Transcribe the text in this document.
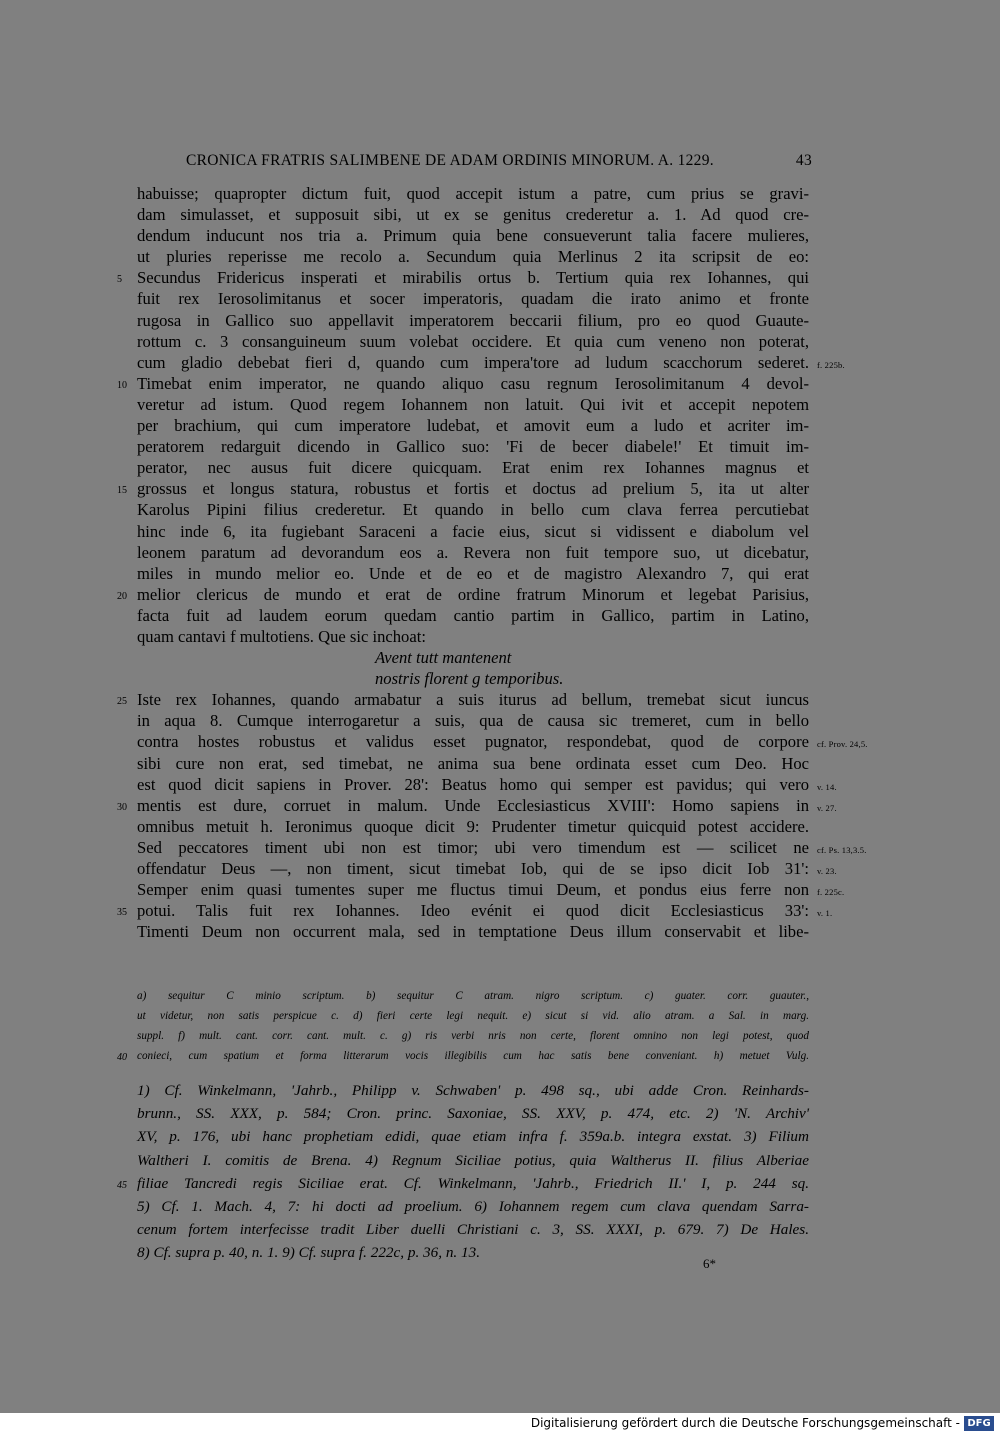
CRONICA FRATRIS SALIMBENE DE ADAM ORDINIS MINORUM. A. 1229.	43
habuisse; quapropter dictum fuit, quod accepit istum a patre, cum prius se gravi-
dam simulasset, et supposuit sibi, ut ex se genitus crederetur a. 1. Ad quod cre-
dendum inducunt nos tria a. Primum quia bene consueverunt talia facere mulieres,
ut pluries reperisse me recolo a. Secundum quia Merlinus 2 ita scripsit de eo:
Secundus Fridericus insperati et mirabilis ortus b. Tertium quia rex Iohannes, qui
5
fuit rex Ierosolimitanus et socer imperatoris, quadam die irato animo et fronte
rugosa in Gallico suo appellavit imperatorem beccarii filium, pro eo quod Guaute-
rottum c. 3 consanguineum suum volebat occidere. Et quia cum veneno non poterat,
cum gladio debebat fieri d, quando cum impera'tore ad ludum scacchorum sederet. f. 225b.
Timebat enim imperator, ne quando aliquo casu regnum Ierosolimitanum 4 devol-
10
veretur ad istum. Quod regem Iohannem non latuit. Qui ivit et accepit nepotem
per brachium, qui cum imperatore ludebat, et amovit eum a ludo et acriter im-
peratorem redarguit dicendo in Gallico suo: 'Fi de becer diabele!' Et timuit im-
perator, nec ausus fuit dicere quicquam. Erat enim rex Iohannes magnus et
grossus et longus statura, robustus et fortis et doctus ad prelium 5, ita ut alter
15
Karolus Pipini filius crederetur. Et quando in bello cum clava ferrea percutiebat
hinc inde 6, ita fugiebant Saraceni a facie eius, sicut si vidissent e diabolum vel
leonem paratum ad devorandum eos a. Revera non fuit tempore suo, ut dicebatur,
miles in mundo melior eo. Unde et de eo et de magistro Alexandro 7, qui erat
melior clericus de mundo et erat de ordine fratrum Minorum et legebat Parisius,
20
facta fuit ad laudem eorum quedam cantio partim in Gallico, partim in Latino,
quam cantavi f multotiens. Que sic inchoat:
Avent tutt mantenent
nostris florent g temporibus.
Iste rex Iohannes, quando armabatur a suis iturus ad bellum, tremebat sicut iuncus
25
in aqua 8. Cumque interrogaretur a suis, qua de causa sic tremeret, cum in bello
contra hostes robustus et validus esset pugnator, respondebat, quod de corpore cf. Prov. 24,5.
sibi cure non erat, sed timebat, ne anima sua bene ordinata esset cum Deo. Hoc
est quod dicit sapiens in Prover. 28': Beatus homo qui semper est pavidus; qui vero v. 14.
mentis est dure, corruet in malum. Unde Ecclesiasticus XVIII': Homo sapiens in
30	v. 27.
omnibus metuit h. Ieronimus quoque dicit 9: Prudenter timetur quicquid potest accidere.
Sed peccatores timent ubi non est timor; ubi vero timendum est — scilicet ne cf. Ps. 13,3.5.
offendatur Deus —, non timent, sicut timebat Iob, qui de se ipso dicit Iob 31': v. 23.
Semper enim quasi tumentes super me fluctus timui Deum, et pondus eius ferre non f. 225c.
potui. Talis fuit rex Iohannes. Ideo evénit ei quod dicit Ecclesiasticus 33':
35	v. 1.
Timenti Deum non occurrent mala, sed in temptatione Deus illum conservabit et libe-
a) sequitur C minio scriptum. b) sequitur C atram. nigro scriptum. c) guater. corr. guauter.,
ut videtur, non satis perspicue c. d) fieri certe legi nequit. e) sicut si vid. alio atram. a Sal. in marg.
suppl. f) mult. cant. corr. cant. mult. c. g) ris verbi nris non certe, florent omnino non legi potest, quod
conieci, cum spatium et forma litterarum vocis illegibilis cum hac satis bene conveniant. h) metuet Vulg.
40
1) Cf. Winkelmann, 'Jahrb., Philipp v. Schwaben' p. 498 sq., ubi adde Cron. Reinhards-
brunn., SS. XXX, p. 584; Cron. princ. Saxoniae, SS. XXV, p. 474, etc. 2) 'N. Archiv'
XV, p. 176, ubi hanc prophetiam edidi, quae etiam infra f. 359a.b. integra exstat. 3) Filium
Waltheri I. comitis de Brena. 4) Regnum Siciliae potius, quia Waltherus II. filius Alberiae
filiae Tancredi regis Siciliae erat. Cf. Winkelmann, 'Jahrb., Friedrich II.' I, p. 244 sq.
45
5) Cf. 1. Mach. 4, 7: hi docti ad proelium. 6) Iohannem regem cum clava quendam Sarra-
cenum fortem interfecisse tradit Liber duelli Christiani c. 3, SS. XXXI, p. 679. 7) De Hales.
8) Cf. supra p. 40, n. 1. 9) Cf. supra f. 222c, p. 36, n. 13.
6*
Digitalisierung gefördert durch die Deutsche Forschungsgemeinschaft - DFG
